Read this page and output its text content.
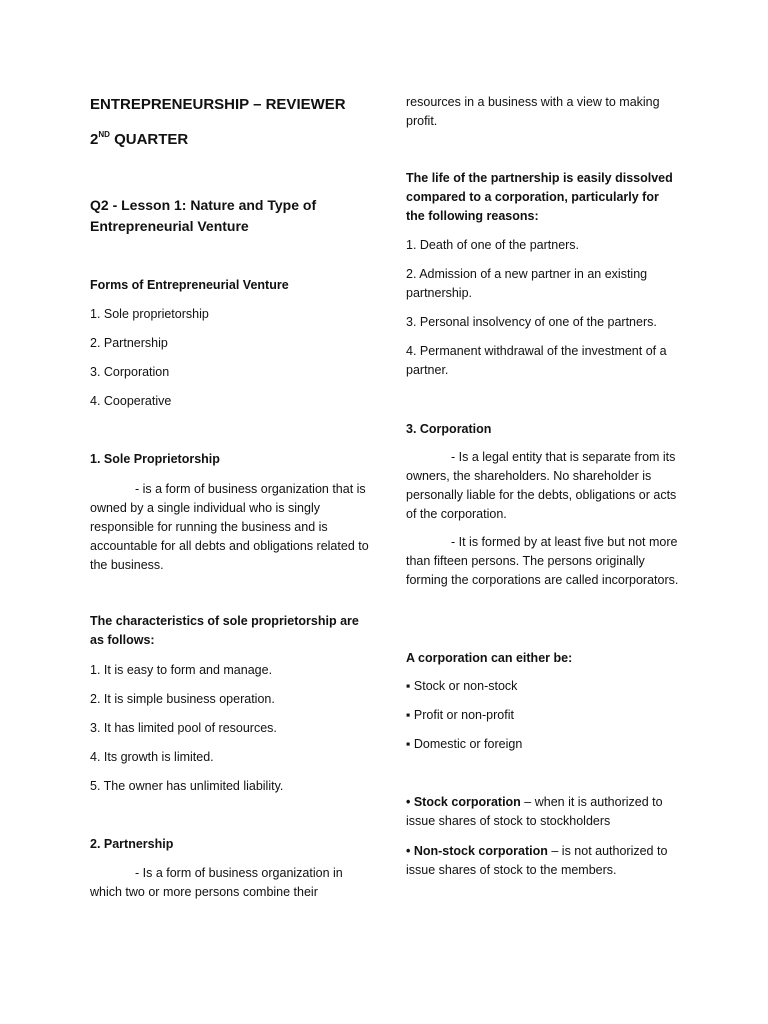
ENTREPRENEURSHIP – REVIEWER

2ND QUARTER

Q2 - Lesson 1: Nature and Type of Entrepreneurial Venture

Forms of Entrepreneurial Venture

1. Sole proprietorship

2. Partnership

3. Corporation

4. Cooperative

1. Sole Proprietorship

- is a form of business organization that is owned by a single individual who is singly responsible for running the business and is accountable for all debts and obligations related to the business.

The characteristics of sole proprietorship are as follows:

1. It is easy to form and manage.

2. It is simple business operation.

3. It has limited pool of resources.

4. Its growth is limited.

5. The owner has unlimited liability.

2. Partnership

- Is a form of business organization in which two or more persons combine their

resources in a business with a view to making profit.

The life of the partnership is easily dissolved compared to a corporation, particularly for the following reasons:

1. Death of one of the partners.

2. Admission of a new partner in an existing partnership.

3. Personal insolvency of one of the partners.

4. Permanent withdrawal of the investment of a partner.

3. Corporation

- Is a legal entity that is separate from its owners, the shareholders. No shareholder is personally liable for the debts, obligations or acts of the corporation.

- It is formed by at least five but not more than fifteen persons. The persons originally forming the corporations are called incorporators.

A corporation can either be:

▪ Stock or non-stock

▪ Profit or non-profit

▪ Domestic or foreign

• Stock corporation – when it is authorized to issue shares of stock to stockholders

• Non-stock corporation – is not authorized to issue shares of stock to the members.
